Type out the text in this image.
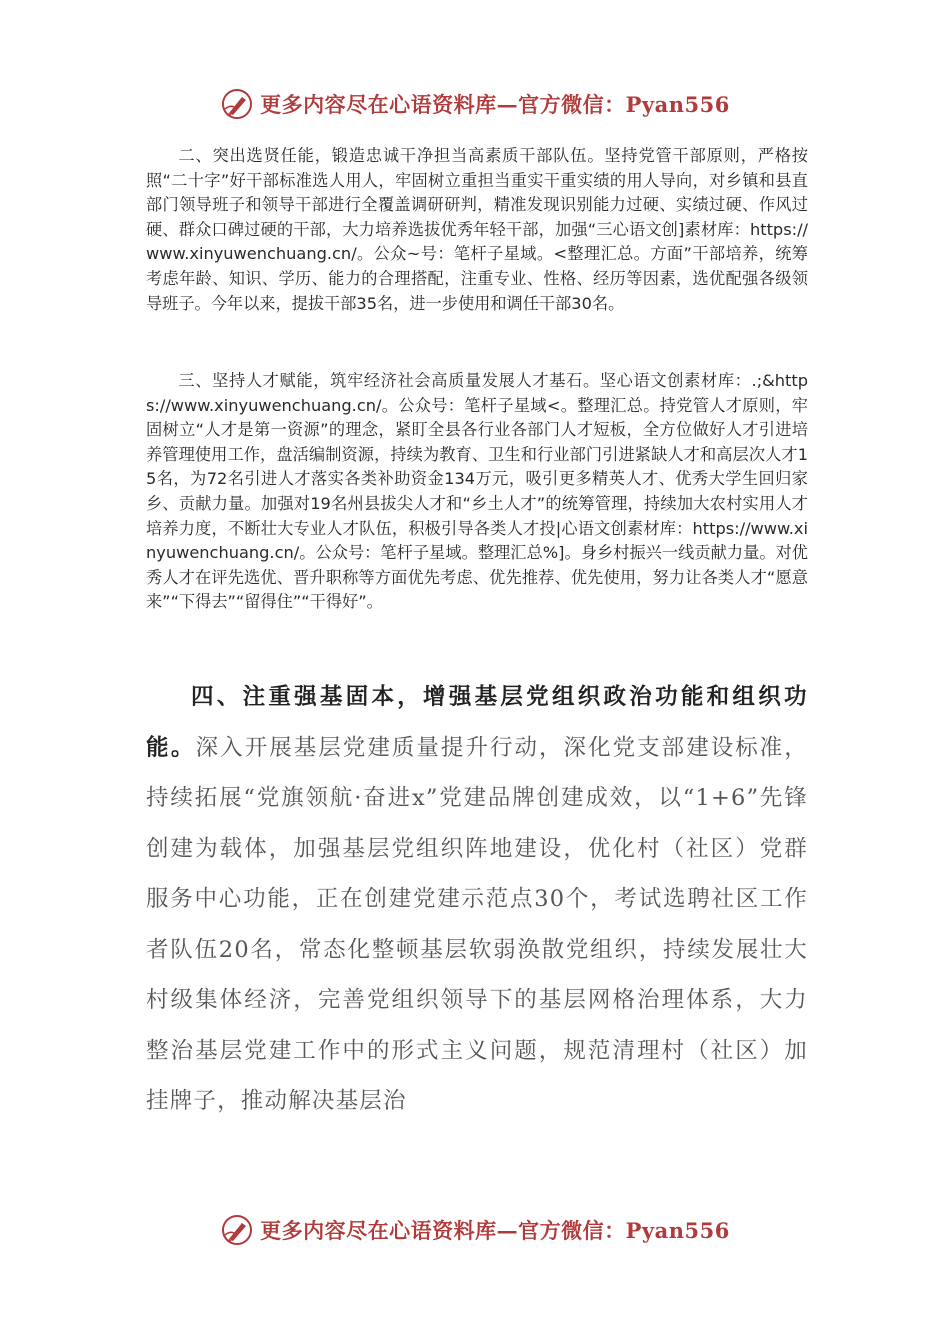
更多内容尽在心语资料库—官方微信：Pyan556

二、突出选贤任能，锻造忠诚干净担当高素质干部队伍。坚持党管干部原则，严格按照“二十字”好干部标准选人用人，牢固树立重担当重实干重实绩的用人导向，对乡镇和县直部门领导班子和领导干部进行全覆盖调研研判，精准发现识别能力过硬、实绩过硬、作风过硬、群众口碑过硬的干部，大力培养选拔优秀年轻干部，加强“三心语文创]素材库：https://www.xinyuwenchuang.cn/。公众~号：笔杆子星域。<整理汇总。方面”干部培养，统筹考虑年龄、知识、学历、能力的合理搭配，注重专业、性格、经历等因素，选优配强各级领导班子。今年以来，提拔干部35名，进一步使用和调任干部30名。

三、坚持人才赋能，筑牢经济社会高质量发展人才基石。坚心语文创素材库：.;&https://www.xinyuwenchuang.cn/。公众号：笔杆子星域<。整理汇总。持党管人才原则，牢固树立“人才是第一资源”的理念，紧盯全县各行业各部门人才短板，全方位做好人才引进培养管理使用工作，盘活编制资源，持续为教育、卫生和行业部门引进紧缺人才和高层次人才15名，为72名引进人才落实各类补助资金134万元，吸引更多精英人才、优秀大学生回归家乡、贡献力量。加强对19名州县拔尖人才和“乡土人才”的统筹管理，持续加大农村实用人才培养力度，不断壮大专业人才队伍，积极引导各类人才投|心语文创素材库：https://www.xinyuwenchuang.cn/。公众号：笔杆子星域。整理汇总%]。身乡村振兴一线贡献力量。对优秀人才在评先选优、晋升职称等方面优先考虑、优先推荐、优先使用，努力让各类人才“愿意来”“下得去”“留得住”“干得好”。

四、注重强基固本，增强基层党组织政治功能和组织功能。深入开展基层党建质量提升行动，深化党支部建设标准，持续拓展“党旗领航·奋进x”党建品牌创建成效，以“1+6”先锋创建为载体，加强基层党组织阵地建设，优化村（社区）党群服务中心功能，正在创建党建示范点30个，考试选聘社区工作者队伍20名，常态化整顿基层软弱涣散党组织，持续发展壮大村级集体经济，完善党组织领导下的基层网格治理体系，大力整治基层党建工作中的形式主义问题，规范清理村（社区）加挂牌子，推动解决基层治

更多内容尽在心语资料库—官方微信：Pyan556
